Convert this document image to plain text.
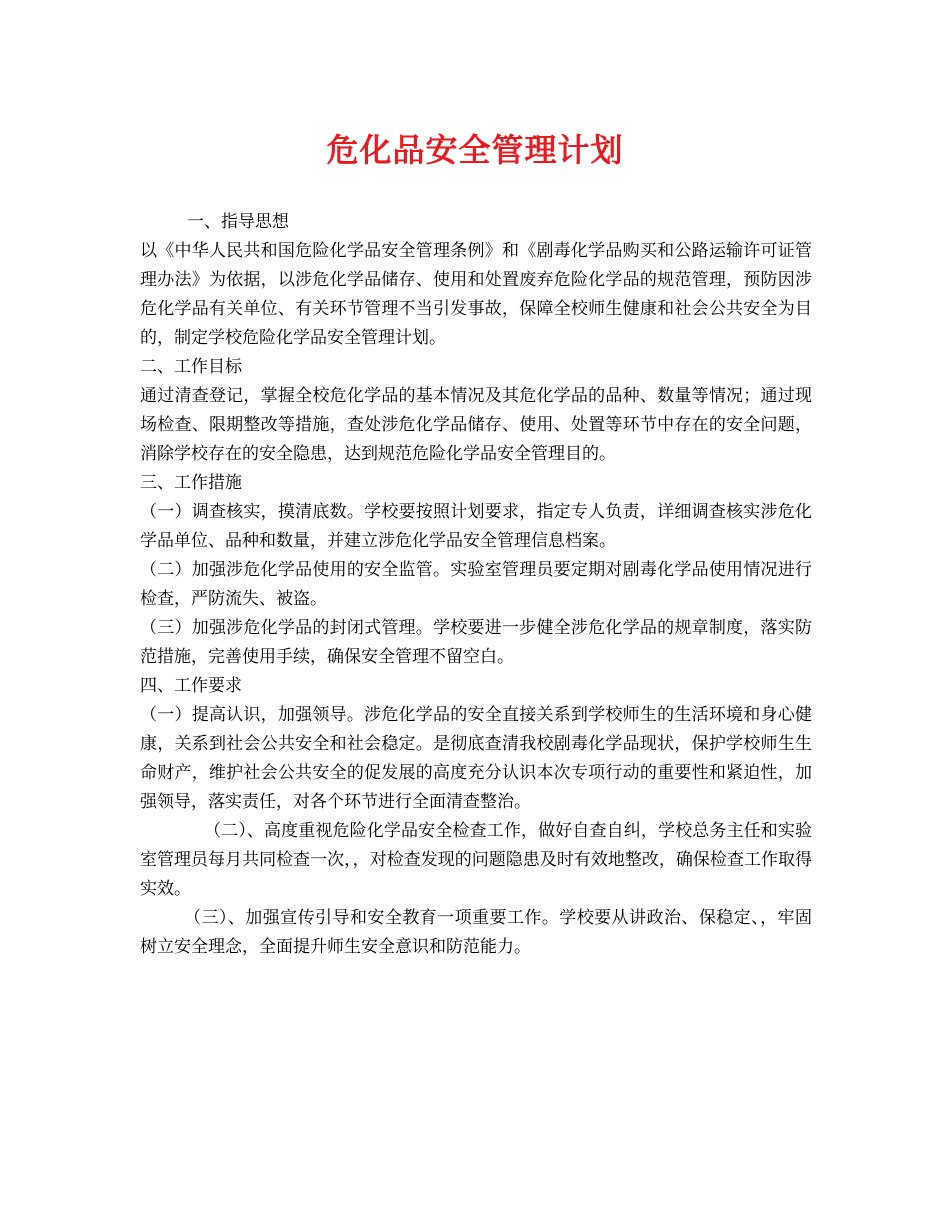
危化品安全管理计划

一、指导思想

以《中华人民共和国危险化学品安全管理条例》和《剧毒化学品购买和公路运输许可证管理办法》为依据，以涉危化学品储存、使用和处置废弃危险化学品的规范管理，预防因涉危化学品有关单位、有关环节管理不当引发事故，保障全校师生健康和社会公共安全为目的，制定学校危险化学品安全管理计划。

二、工作目标

通过清查登记，掌握全校危化学品的基本情况及其危化学品的品种、数量等情况；通过现场检查、限期整改等措施，查处涉危化学品储存、使用、处置等环节中存在的安全问题，消除学校存在的安全隐患，达到规范危险化学品安全管理目的。

三、工作措施

（一）调查核实，摸清底数。学校要按照计划要求，指定专人负责，详细调查核实涉危化学品单位、品种和数量，并建立涉危化学品安全管理信息档案。

（二）加强涉危化学品使用的安全监管。实验室管理员要定期对剧毒化学品使用情况进行检查，严防流失、被盗。

（三）加强涉危化学品的封闭式管理。学校要进一步健全涉危化学品的规章制度，落实防范措施，完善使用手续，确保安全管理不留空白。

四、工作要求

（一）提高认识，加强领导。涉危化学品的安全直接关系到学校师生的生活环境和身心健康，关系到社会公共安全和社会稳定。是彻底查清我校剧毒化学品现状，保护学校师生生命财产，维护社会公共安全的促发展的高度充分认识本次专项行动的重要性和紧迫性，加强领导，落实责任，对各个环节进行全面清查整治。

（二）、高度重视危险化学品安全检查工作，做好自查自纠，学校总务主任和实验室管理员每月共同检查一次，，对检查发现的问题隐患及时有效地整改，确保检查工作取得实效。

（三）、加强宣传引导和安全教育一项重要工作。学校要从讲政治、保稳定、，牢固树立安全理念，全面提升师生安全意识和防范能力。
